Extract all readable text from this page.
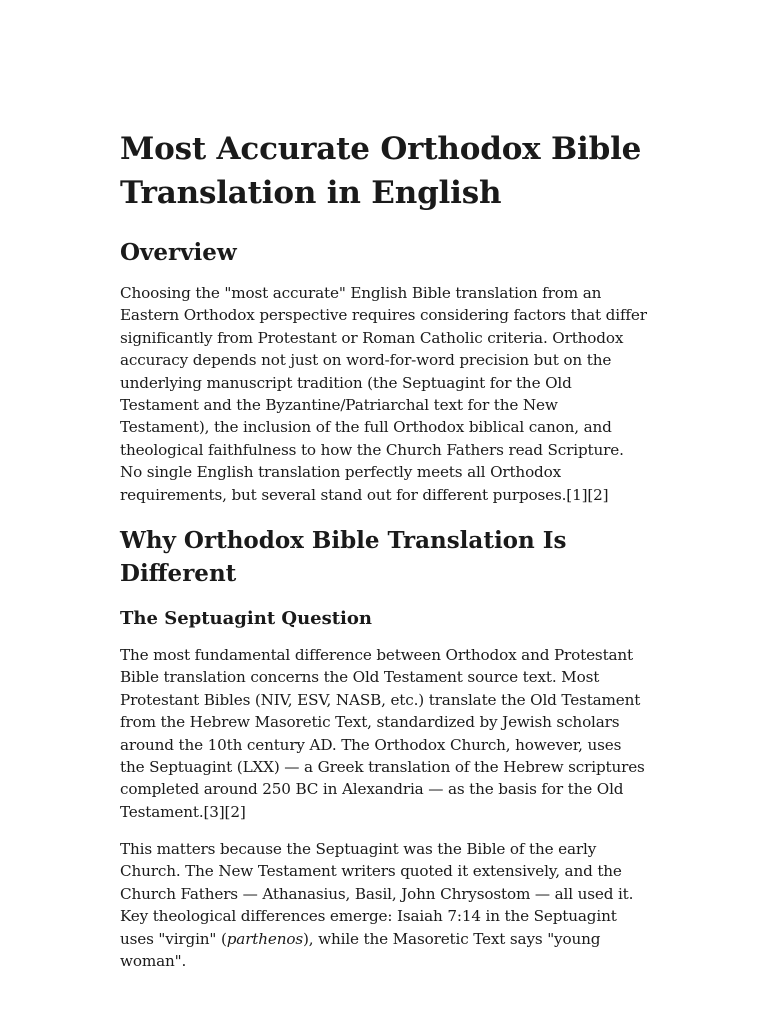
Most Accurate Orthodox Bible Translation in English
Overview

Choosing the "most accurate" English Bible translation from an Eastern Orthodox perspective requires considering factors that differ significantly from Protestant or Roman Catholic criteria. Orthodox accuracy depends not just on word-for-word precision but on the underlying manuscript tradition (the Septuagint for the Old Testament and the Byzantine/Patriarchal text for the New Testament), the inclusion of the full Orthodox biblical canon, and theological faithfulness to how the Church Fathers read Scripture. No single English translation perfectly meets all Orthodox requirements, but several stand out for different purposes.[1][2]

Why Orthodox Bible Translation Is Different
The Septuagint Question

The most fundamental difference between Orthodox and Protestant Bible translation concerns the Old Testament source text. Most Protestant Bibles (NIV, ESV, NASB, etc.) translate the Old Testament from the Hebrew Masoretic Text, standardized by Jewish scholars around the 10th century AD. The Orthodox Church, however, uses the Septuagint (LXX) — a Greek translation of the Hebrew scriptures completed around 250 BC in Alexandria — as the basis for the Old Testament.[3][2]

This matters because the Septuagint was the Bible of the early Church. The New Testament writers quoted it extensively, and the Church Fathers — Athanasius, Basil, John Chrysostom — all used it. Key theological differences emerge: Isaiah 7:14 in the Septuagint uses "virgin" (parthenos), while the Masoretic Text says "young woman".
